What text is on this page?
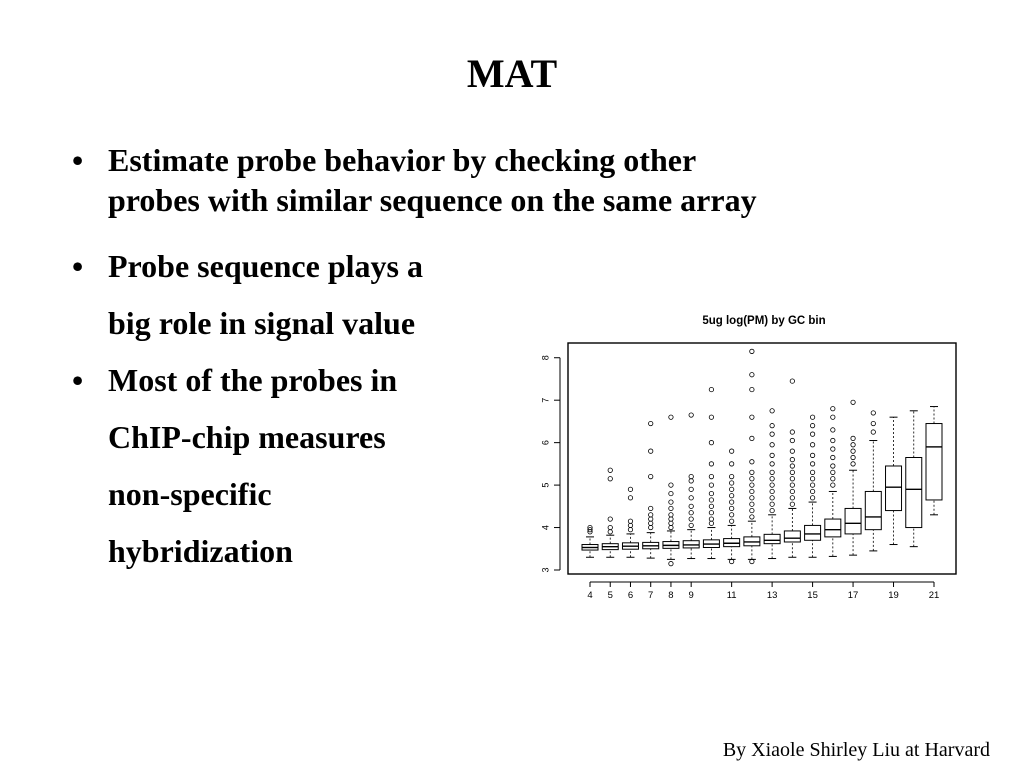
MAT
• Estimate probe behavior by checking other
probes with similar sequence on the same array
• Probe sequence plays a
big role in signal value
• Most of the probes in
ChIP-chip measures
non-specific
hybridization
5ug log(PM) by GC bin
3
4
5
6
7
8
4 5 6 7 8 9	11	13	15	17	19	21
By Xiaole Shirley Liu at Harvard
